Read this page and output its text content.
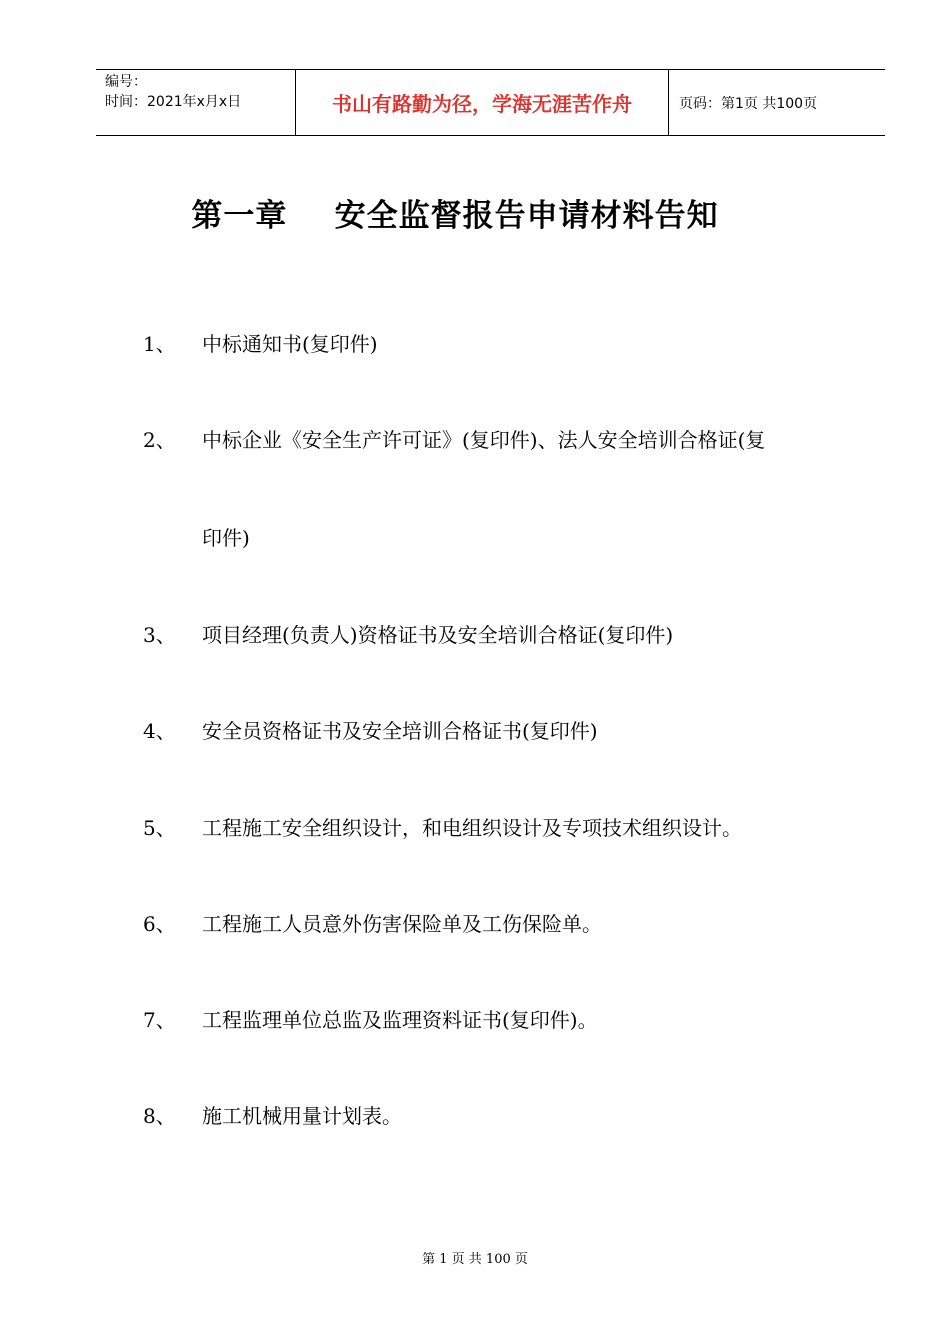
编号：
时间：2021年x月x日	书山有路勤为径，学海无涯苦作舟	页码：第1页 共100页
第一章    安全监督报告申请材料告知
1、	中标通知书(复印件)
2、	中标企业《安全生产许可证》(复印件)、法人安全培训合格证(复
印件)
3、	项目经理(负责人)资格证书及安全培训合格证(复印件)
4、	安全员资格证书及安全培训合格证书(复印件)
5、	工程施工安全组织设计，和电组织设计及专项技术组织设计。
6、	工程施工人员意外伤害保险单及工伤保险单。
7、	工程监理单位总监及监理资料证书(复印件)。
8、	施工机械用量计划表。
第 1 页 共 100 页
